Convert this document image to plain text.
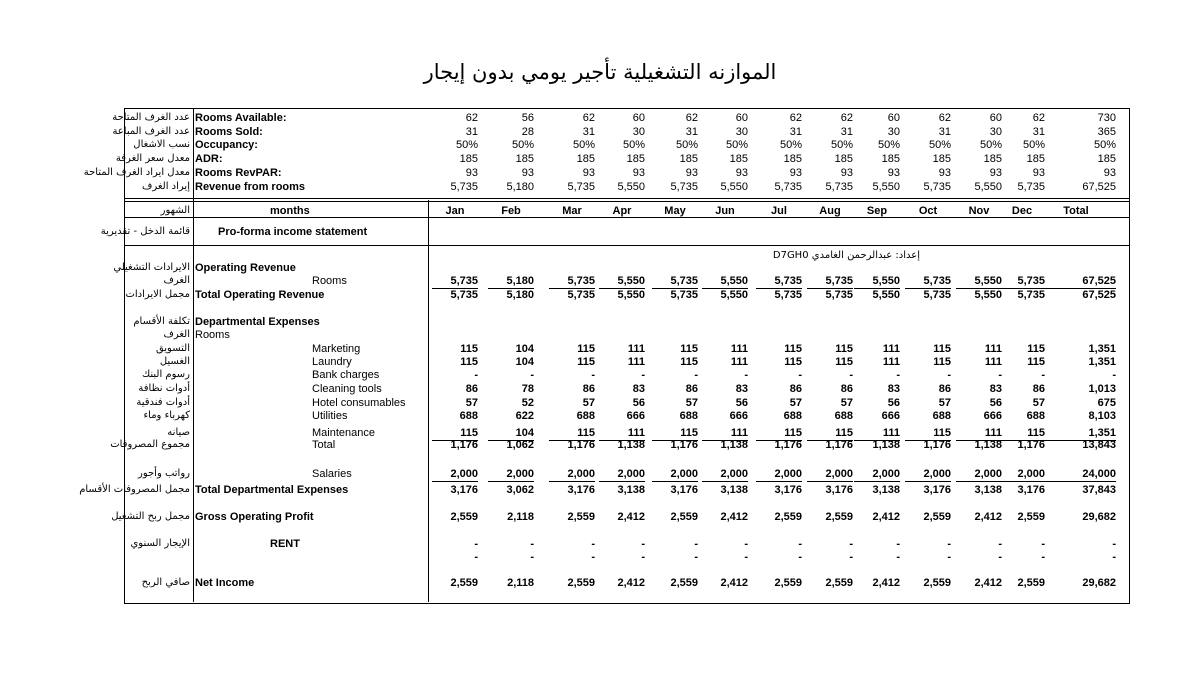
الموازنه التشغيلية تأجير يومي بدون إيجار
عدد الغرف المتاحة Rooms Available:	62	56	62	60	62	60	62	62	60	62	60	62	730
عدد الغرف المباعة Rooms Sold:	31	28	31	30	31	30	31	31	30	31	30	31	365
نسب الاشغال Occupancy:	50%	50%	50%	50%	50%	50%	50%	50%	50%	50%	50%	50%	50%
معدل سعر الغرفة ADR:	185	185	185	185	185	185	185	185	185	185	185	185	185
معدل ايراد الغرف المتاحة Rooms RevPAR:	93	93	93	93	93	93	93	93	93	93	93	93	93
إيراد الغرف Revenue from rooms	5,735	5,180	5,735	5,550	5,735	5,550	5,735	5,735	5,550	5,735	5,550	5,735	67,525
الشهور	months	Jan	Feb	Mar	Apr	May	Jun	Jul	Aug	Sep	Oct	Nov	Dec	Total
الايرادات التشغيلي Operating Revenue
الغرف	Rooms	5,735	5,180	5,735	5,550	5,735	5,550	5,735	5,735	5,550	5,735	5,550	5,735	67,525
مجمل الايرادات Total Operating Revenue	5,735	5,180	5,735	5,550	5,735	5,550	5,735	5,735	5,550	5,735	5,550	5,735	67,525
تكلفة الأقسام Departmental Expenses
الغرف Rooms
التسويق	Marketing	115	104	115	111	115	111	115	115	111	115	111	115	1,351
الغسيل	Laundry	115	104	115	111	115	111	115	115	111	115	111	115	1,351
رسوم البنك	Bank charges	-	-	-	-	-	-	-	-	-	-	-	-	-
أدوات نظافة	Cleaning tools	86	78	86	83	86	83	86	86	83	86	83	86	1,013
أدوات فندقية	Hotel consumables	57	52	57	56	57	56	57	57	56	57	56	57	675
كهرباء وماء	Utilities	688	622	688	666	688	666	688	688	666	688	666	688	8,103
صيانه	Maintenance	115	104	115	111	115	111	115	115	111	115	111	115	1,351
مجموع المصروفات	Total	1,176	1,062	1,176	1,138	1,176	1,138	1,176	1,176	1,138	1,176	1,138	1,176	13,843
رواتب وأجور	Salaries	2,000	2,000	2,000	2,000	2,000	2,000	2,000	2,000	2,000	2,000	2,000	2,000	24,000
مجمل المصروفات الأقسام Total Departmental Expenses	3,176	3,062	3,176	3,138	3,176	3,138	3,176	3,176	3,138	3,176	3,138	3,176	37,843
مجمل ربح التشغيل Gross Operating Profit	2,559	2,118	2,559	2,412	2,559	2,412	2,559	2,559	2,412	2,559	2,412	2,559	29,682
الإيجار السنوي	RENT	-	-	-	-	-	-	-	-	-	-	-	-	-
-	-	-	-	-	-	-	-	-	-	-	-	-
صافي الربح Net Income	2,559	2,118	2,559	2,412	2,559	2,412	2,559	2,559	2,412	2,559	2,412	2,559	29,682
قائمة الدخل - تقديرية	Pro-forma income statement
إعداد: عبدالرحمن الغامدي D7GH0
